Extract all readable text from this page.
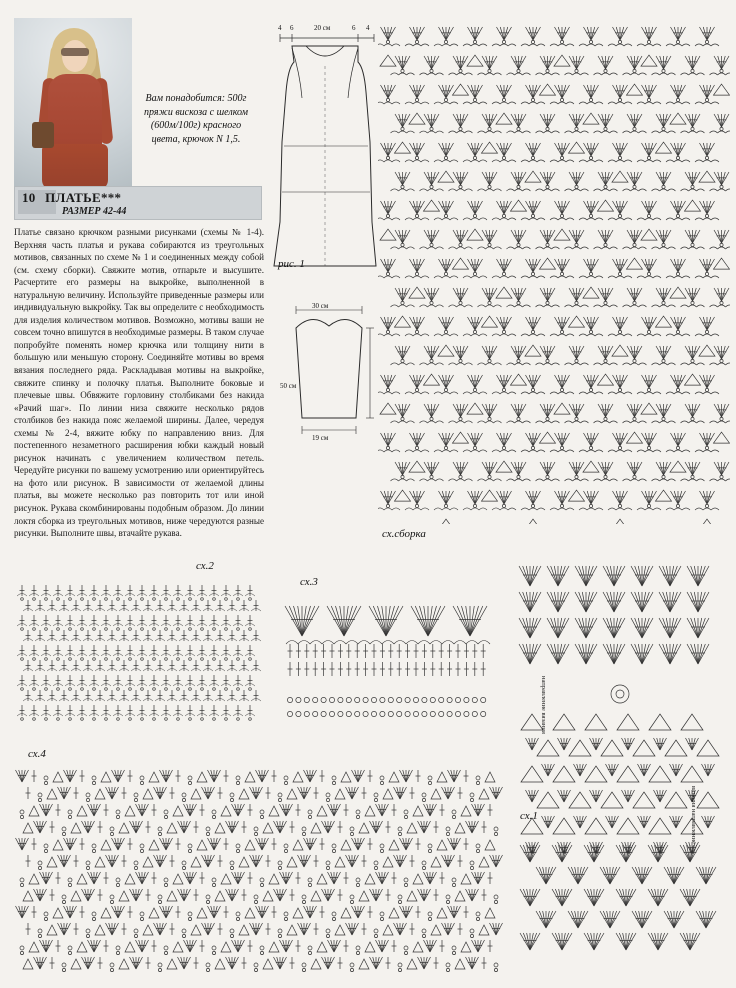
Вам понадобится: 500г пряжи вискоза с шелком (600м/100г) красного цвета, крючок N 1,5.
10 ПЛАТЬЕ***
РАЗМЕР 42-44

Платье связано крючком разными рисунками (схемы № 1-4). Верхняя часть платья и рукава собираются из треугольных мотивов, связанных по схеме № 1 и соединенных между собой (см. схему сборки). Свяжите мотив, отпарьте и высушите. Расчертите его размеры на выкройке, выполненной в натуральную величину. Используйте приведенные размеры или индивидуальную выкройку. Так вы определите с необходимость для изделия количеством мотивов. Возможно, мотивы ваши не совсем точно впишутся в необходимые размеры. В таком случае попробуйте поменять номер крючка или толщину нити в большую или меньшую сторону. Соединяйте мотивы во время вязания последнего ряда. Раскладывая мотивы на выкройке, свяжите спинку и полочку платья. Выполните боковые и плечевые швы. Обвяжите горловину столбиками без накида «Рачий шаг». По линии низа свяжите несколько рядов столбиков без накида пояс желаемой ширины. Далее, чередуя схемы № 2-4, вяжите юбку по направлению вниз. Для постепенного незаметного расширения юбки каждый новый рисунок начинать с увеличением количеством петель. Чередуйте рисунки по вашему усмотрению или ориентируйтесь на фото или рисунок. В зависимости от желаемой длины платья, вы можете несколько раз повторить тот или иной рисунок. Рукава скомбинированы подобным образом. До линии локтя сборка из треугольных мотивов, ниже чередуются разные рисунки. Выполните швы, втачайте рукава.

4 6	20 см	6 4
рис. 1
30 см
50 см
19 см
сх.сборка
сх.2
сх.3
сх.4
сх.1
направление вязания
вязания направление
